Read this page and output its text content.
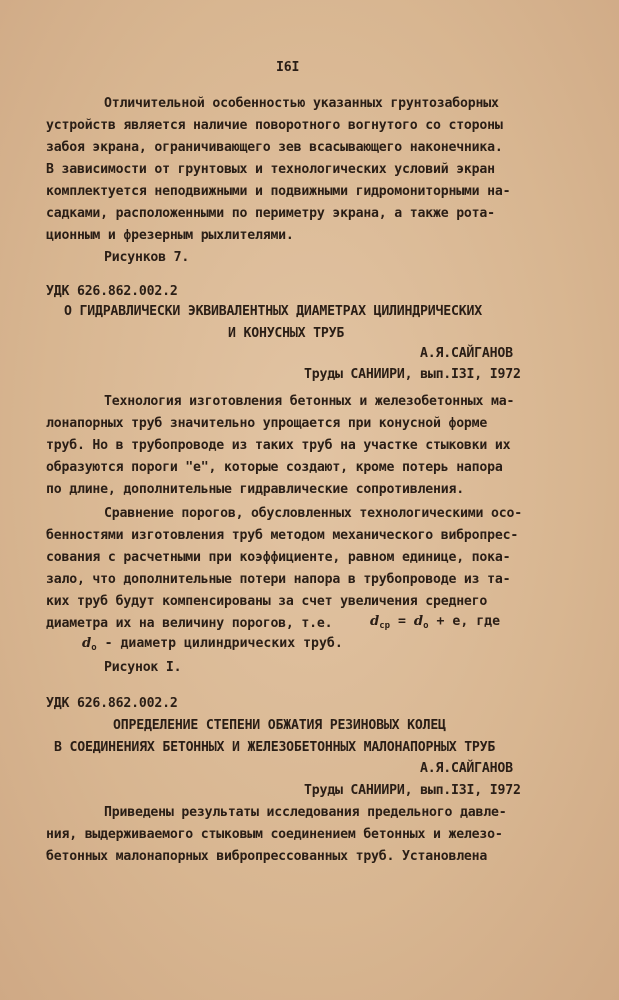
I6I
Отличительной особенностью указанных грунтозаборных
устройств является наличие поворотного вогнутого со стороны
забоя экрана, ограничивающего зев всасывающего наконечника.
В зависимости от грунтовых и технологических условий экран
комплектуется неподвижными и подвижными гидромониторными на-
садками, расположенными по периметру экрана, а также рота-
ционным и фрезерным рыхлителями.
Рисунков 7.
УДК 626.862.002.2
О ГИДРАВЛИЧЕСКИ ЭКВИВАЛЕНТНЫХ ДИАМЕТРАХ ЦИЛИНДРИЧЕСКИХ
И КОНУСНЫХ ТРУБ
А.Я.САЙГАНОВ
Труды САНИИРИ, вып.I3I, I972
Технология изготовления бетонных и железобетонных ма-
лонапорных труб значительно упрощается при конусной форме
труб. Но в трубопроводе из таких труб на участке стыковки их
образуются пороги "e", которые создают, кроме потерь напора
по длине, дополнительные гидравлические сопротивления.
Сравнение порогов, обусловленных технологическими осо-
бенностями изготовления труб методом механического вибропрес-
сования с расчетными при коэффициенте, равном единице, пока-
зало, что дополнительные потери напора в трубопроводе из та-
ких труб будут компенсированы за счет увеличения среднего
диаметра их на величину порогов, т.е.	$d_{ср} = d_о + e$, где
$d_о$ - диаметр цилиндрических труб.
Рисунок I.
УДК 626.862.002.2
ОПРЕДЕЛЕНИЕ СТЕПЕНИ ОБЖАТИЯ РЕЗИНОВЫХ КОЛЕЦ
В СОЕДИНЕНИЯХ БЕТОННЫХ И ЖЕЛЕЗОБЕТОННЫХ МАЛОНАПОРНЫХ ТРУБ
А.Я.САЙГАНОВ
Труды САНИИРИ, вып.I3I, I972
Приведены результаты исследования предельного давле-
ния, выдерживаемого стыковым соединением бетонных и железо-
бетонных малонапорных вибропрессованных труб. Установлена
